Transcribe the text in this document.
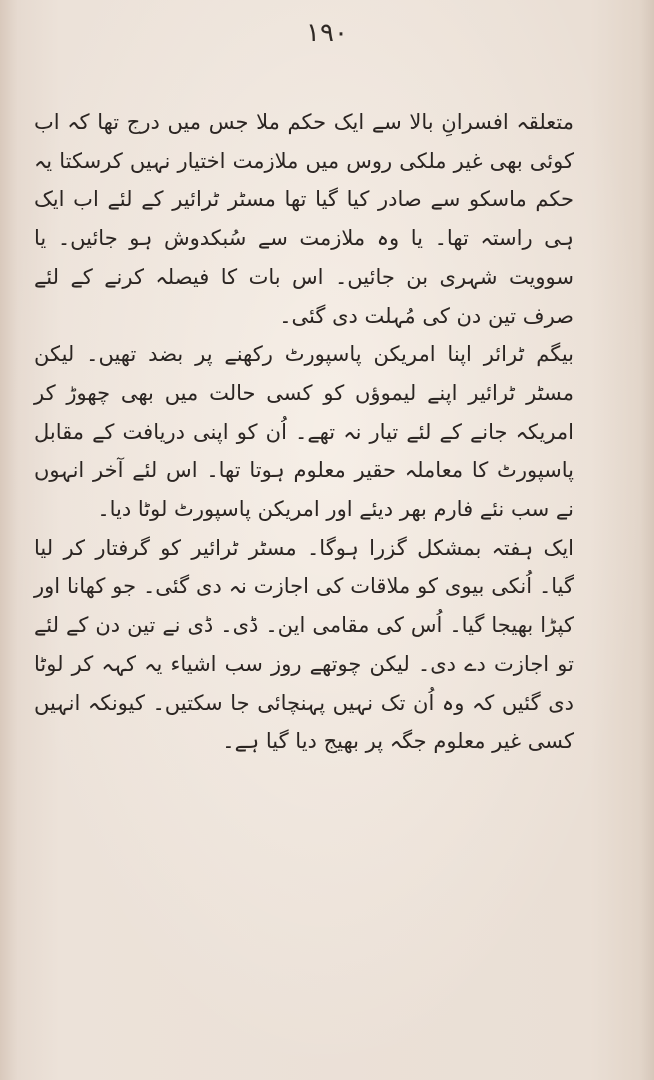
١٩٠

متعلقہ افسرانِ بالا سے ایک حکم ملا جس میں درج تھا کہ اب کوئی بھی غیر ملکی روس میں ملازمت اختیار نہیں کرسکتا یہ حکم ماسکو سے صادر کیا گیا تھا مسٹر ٹرائیر کے لئے اب ایک ہی راستہ تھا۔ یا وہ ملازمت سے سُبکدوش ہو جائیں۔ یا سوویت شہری بن جائیں۔ اس بات کا فیصلہ کرنے کے لئے صرف تین دن کی مُہلت دی گئی۔

بیگم ٹرائر اپنا امریکن پاسپورٹ رکھنے پر بضد تھیں۔ لیکن مسٹر ٹرائیر اپنے لیموؤں کو کسی حالت میں بھی چھوڑ کر امریکہ جانے کے لئے تیار نہ تھے۔ اُن کو اپنی دریافت کے مقابل پاسپورٹ کا معاملہ حقیر معلوم ہوتا تھا۔ اس لئے آخر انہوں نے سب نئے فارم بھر دیئے اور امریکن پاسپورٹ لوٹا دیا۔

ایک ہفتہ بمشکل گزرا ہوگا۔ مسٹر ٹرائیر کو گرفتار کر لیا گیا۔ اُنکی بیوی کو ملاقات کی اجازت نہ دی گئی۔ جو کھانا اور کپڑا بھیجا گیا۔ اُس کی مقامی این۔ ڈی۔ ڈی نے تین دن کے لئے تو اجازت دے دی۔ لیکن چوتھے روز سب اشیاء یہ کہہ کر لوٹا دی گئیں کہ وہ اُن تک نہیں پہنچائی جا سکتیں۔ کیونکہ انہیں کسی غیر معلوم جگہ پر بھیج دیا گیا ہے۔
